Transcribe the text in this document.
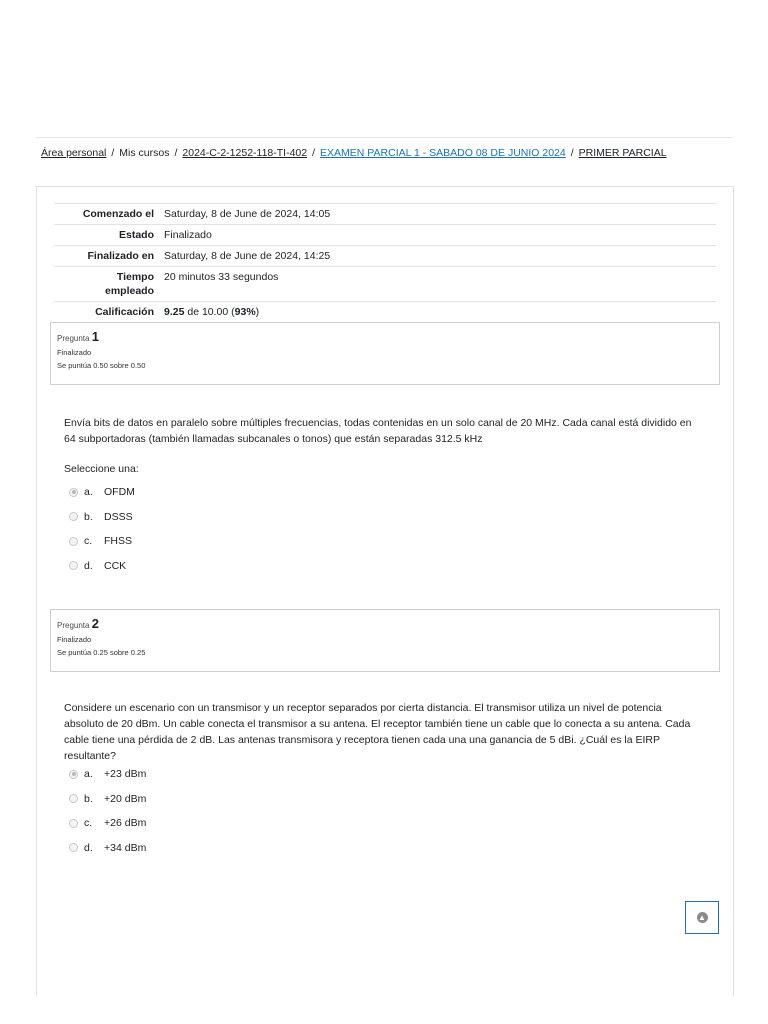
Área personal / Mis cursos / 2024-C-2-1252-118-TI-402 / EXAMEN PARCIAL 1 - SABADO 08 DE JUNIO 2024 / PRIMER PARCIAL
Comenzado el	Saturday, 8 de June de 2024, 14:05
Estado	Finalizado
Finalizado en	Saturday, 8 de June de 2024, 14:25
Tiempo
empleado	20 minutos 33 segundos
Calificación	9.25 de 10.00 (93%)
Pregunta 1
Finalizado
Se puntúa 0.50 sobre 0.50
Envía bits de datos en paralelo sobre múltiples frecuencias, todas contenidas en un solo canal de 20 MHz. Cada canal está dividido en 64 subportadoras (también llamadas subcanales o tonos) que están separadas 312.5 kHz
Seleccione una:
a.	OFDM
b.	DSSS
c.	FHSS
d.	CCK
Pregunta 2
Finalizado
Se puntúa 0.25 sobre 0.25
Considere un escenario con un transmisor y un receptor separados por cierta distancia. El transmisor utiliza un nivel de potencia absoluto de 20 dBm. Un cable conecta el transmisor a su antena. El receptor también tiene un cable que lo conecta a su antena. Cada cable tiene una pérdida de 2 dB. Las antenas transmisora y receptora tienen cada una una ganancia de 5 dBi. ¿Cuál es la EIRP resultante?
a.	+23 dBm
b.	+20 dBm
c.	+26 dBm
d.	+34 dBm
▲
